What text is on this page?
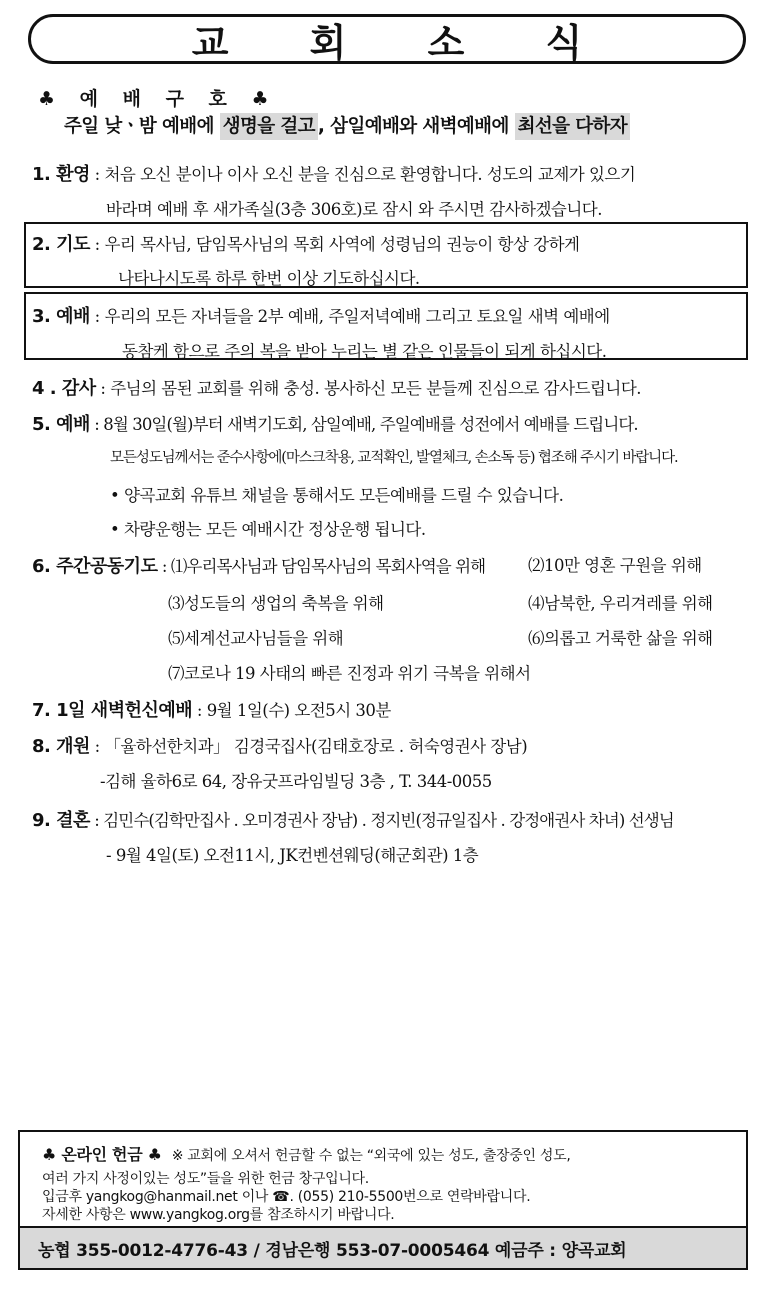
교 회 소 식
♣ 예 배 구 호 ♣
주일 낮ㆍ밤 예배에 생명을 걸고 , 삼일예배와 새벽예배에 최선을 다하자
1. 환영 : 처음 오신 분이나 이사 오신 분을 진심으로 환영합니다. 성도의 교제가 있으기
바라며 예배 후 새가족실(3층 306호)로 잠시 와 주시면 감사하겠습니다.
2. 기도 : 우리 목사님, 담임목사님의 목회 사역에 성령님의 권능이 항상 강하게
나타나시도록 하루 한번 이상 기도하십시다.
3. 예배 : 우리의 모든 자녀들을 2부 예배, 주일저녁예배 그리고 토요일 새벽 예배에
동참케 함으로 주의 복을 받아 누리는 별 같은 인물들이 되게 하십시다.
4 . 감사 : 주님의 몸된 교회를 위해 충성. 봉사하신 모든 분들께 진심으로 감사드립니다.
5. 예배 : 8월 30일(월)부터 새벽기도회, 삼일예배, 주일예배를 성전에서 예배를 드립니다.
모든성도님께서는 준수사항에(마스크착용, 교적확인, 발열체크, 손소독 등) 협조해 주시기 바랍니다.
• 양곡교회 유튜브 채널을 통해서도 모든예배를 드릴 수 있습니다.
• 차량운행는 모든 예배시간 정상운행 됩니다.
6. 주간공동기도 : ⑴우리목사님과 담임목사님의 목회사역을 위해	⑵10만 영혼 구원을 위해
⑶성도들의 생업의 축복을 위해	⑷남북한, 우리겨레를 위해
⑸세계선교사님들을 위해	⑹의롭고 거룩한 삶을 위해
⑺코로나 19 사태의 빠른 진정과 위기 극복을 위해서
7. 1일 새벽헌신예배 : 9월 1일(수) 오전5시 30분
8. 개원 : 「율하선한치과」 김경국집사(김태호장로 . 허숙영권사 장남)
-김해 율하6로 64, 장유굿프라임빌딩 3층 , T. 344-0055
9. 결혼 : 김민수(김학만집사 . 오미경권사 장남) . 정지빈(정규일집사 . 강정애권사 차녀) 선생님
- 9월 4일(토) 오전11시, JK컨벤션웨딩(해군회관) 1층
♣ 온라인 헌금 ♣ ※ 교회에 오셔서 헌금할 수 없는 “외국에 있는 성도, 출장중인 성도,
여러 가지 사정이있는 성도”들을 위한 헌금 창구입니다.
입금후 yangkog@hanmail.net 이나 ☎. (055) 210-5500번으로 연락바랍니다.
자세한 사항은 www.yangkog.org를 참조하시기 바랍니다.
농협 355-0012-4776-43 / 경남은행 553-07-0005464 예금주 : 양곡교회
